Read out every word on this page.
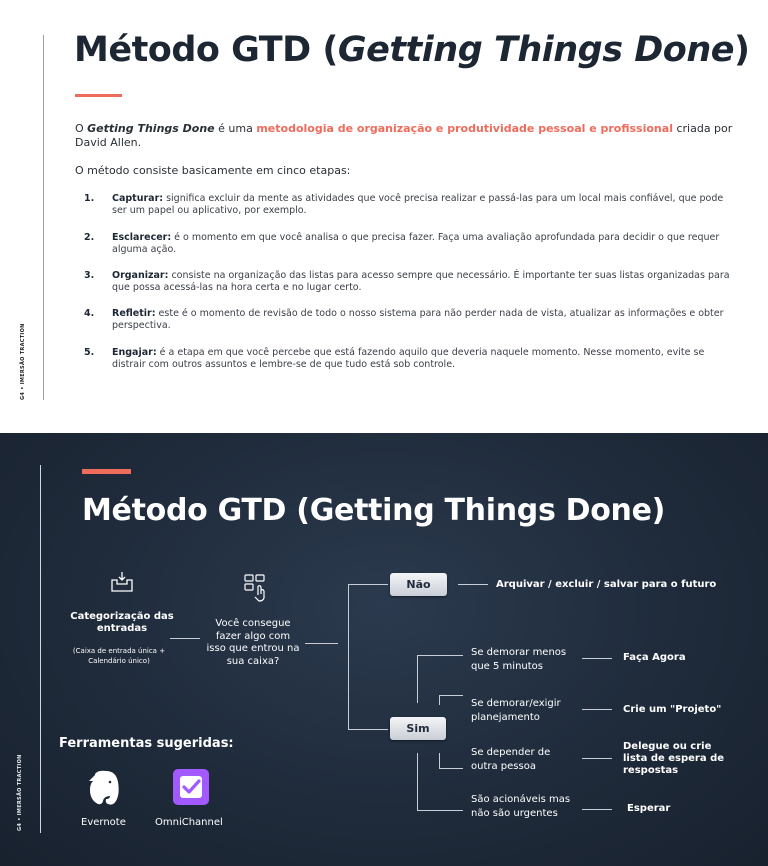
G4 • IMERSÃO TRACTION
Método GTD (Getting Things Done)

O Getting Things Done é uma metodologia de organização e produtividade pessoal e profissional criada por David Allen.

O método consiste basicamente em cinco etapas:

1. Capturar: significa excluir da mente as atividades que você precisa realizar e passá-las para um local mais confiável, que pode ser um papel ou aplicativo, por exemplo.
2. Esclarecer: é o momento em que você analisa o que precisa fazer. Faça uma avaliação aprofundada para decidir o que requer alguma ação.
3. Organizar: consiste na organização das listas para acesso sempre que necessário. É importante ter suas listas organizadas para que possa acessá-las na hora certa e no lugar certo.
4. Refletir: este é o momento de revisão de todo o nosso sistema para não perder nada de vista, atualizar as informações e obter perspectiva.
5. Engajar: é a etapa em que você percebe que está fazendo aquilo que deveria naquele momento. Nesse momento, evite se distrair com outros assuntos e lembre-se de que tudo está sob controle.
G4 • IMERSÃO TRACTION
Método GTD (Getting Things Done)
Categorização das entradas
(Caixa de entrada única + Calendário único)
Você consegue fazer algo com isso que entrou na sua caixa?
Não	Arquivar / excluir / salvar para o futuro
Sim
Se demorar menos que 5 minutos
Se demorar/exigir planejamento
Se depender de outra pessoa
São acionáveis mas não são urgentes
Faça Agora
Crie um "Projeto"
Delegue ou crie lista de espera de respostas
Esperar
Ferramentas sugeridas:
Evernote	OmniChannel
